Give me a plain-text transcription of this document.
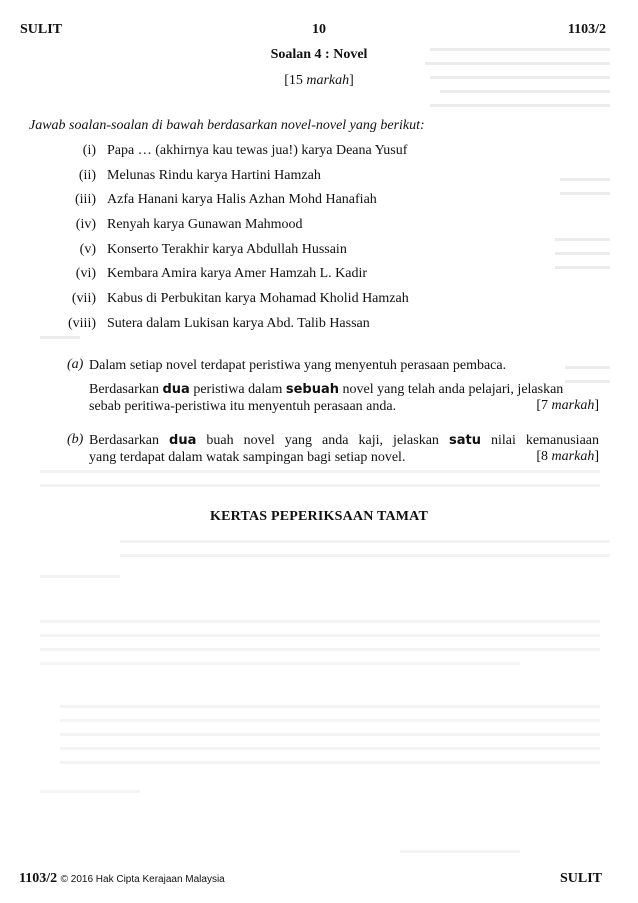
SULIT	10	1103/2
Soalan 4 : Novel
[15 markah]
Jawab soalan-soalan di bawah berdasarkan novel-novel yang berikut:
(i) Papa … (akhirnya kau tewas jua!) karya Deana Yusuf
(ii) Melunas Rindu karya Hartini Hamzah
(iii) Azfa Hanani karya Halis Azhan Mohd Hanafiah
(iv) Renyah karya Gunawan Mahmood
(v) Konserto Terakhir karya Abdullah Hussain
(vi) Kembara Amira karya Amer Hamzah L. Kadir
(vii) Kabus di Perbukitan karya Mohamad Kholid Hamzah
(viii) Sutera dalam Lukisan karya Abd. Talib Hassan
(a) Dalam setiap novel terdapat peristiwa yang menyentuh perasaan pembaca.
Berdasarkan dua peristiwa dalam sebuah novel yang telah anda pelajari, jelaskan
sebab peritiwa-peristiwa itu menyentuh perasaan anda.	[7 markah]
(b) Berdasarkan dua buah novel yang anda kaji, jelaskan satu nilai kemanusiaan
yang terdapat dalam watak sampingan bagi setiap novel.	[8 markah]
KERTAS PEPERIKSAAN TAMAT
1103/2 © 2016 Hak Cipta Kerajaan Malaysia	SULIT
